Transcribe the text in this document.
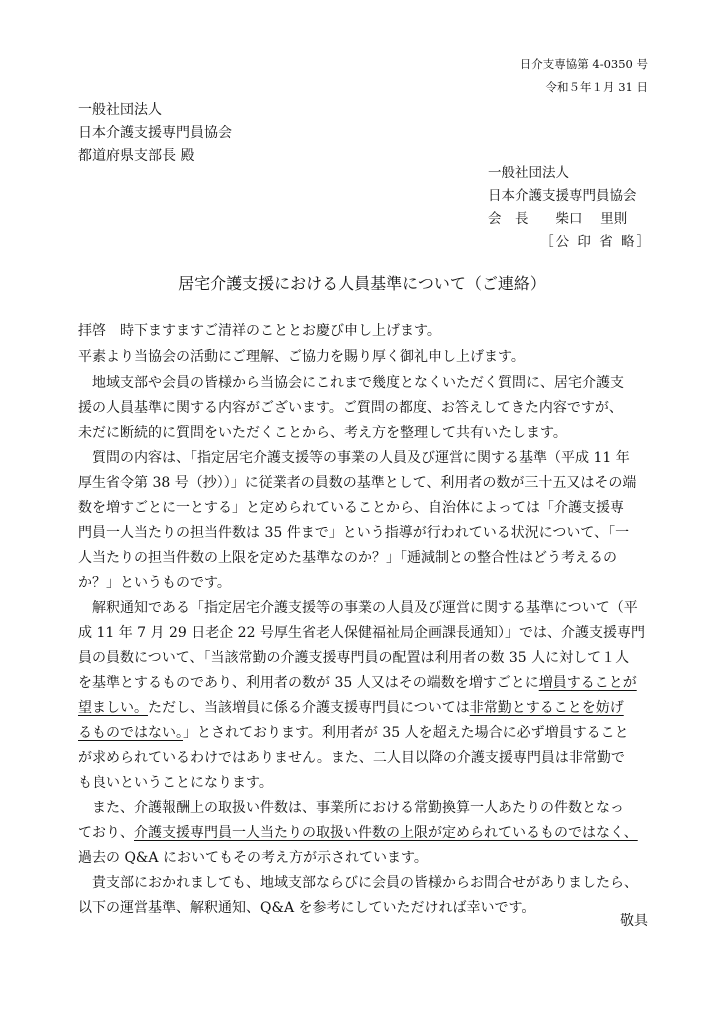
日介支専協第 4-0350 号
令和５年１月 31 日
一般社団法人
日本介護支援専門員協会
都道府県支部長 殿
一般社団法人
日本介護支援専門員協会
会　長　　柴口　 里則
［公 印 省 略］
居宅介護支援における人員基準について（ご連絡）
拝啓　時下ますますご清祥のこととお慶び申し上げます。
平素より当協会の活動にご理解、ご協力を賜り厚く御礼申し上げます。
　地域支部や会員の皆様から当協会にこれまで幾度となくいただく質問に、居宅介護支
援の人員基準に関する内容がございます。ご質問の都度、お答えしてきた内容ですが、
未だに断続的に質問をいただくことから、考え方を整理して共有いたします。
　質問の内容は、「指定居宅介護支援等の事業の人員及び運営に関する基準（平成 11 年
厚生省令第 38 号（抄））」に従業者の員数の基準として、利用者の数が三十五又はその端
数を増すごとに一とする」と定められていることから、自治体によっては「介護支援専
門員一人当たりの担当件数は 35 件まで」という指導が行われている状況について、「一
人当たりの担当件数の上限を定めた基準なのか？」「逓減制との整合性はどう考えるの
か？」というものです。
　解釈通知である「指定居宅介護支援等の事業の人員及び運営に関する基準について（平
成 11 年 7 月 29 日老企 22 号厚生省老人保健福祉局企画課長通知）」では、介護支援専門
員の員数について、「当該常勤の介護支援専門員の配置は利用者の数 35 人に対して１人
を基準とするものであり、利用者の数が 35 人又はその端数を増すごとに増員することが
望ましい。ただし、当該増員に係る介護支援専門員については非常勤とすることを妨げ
るものではない。」とされております。利用者が 35 人を超えた場合に必ず増員すること
が求められているわけではありません。また、二人目以降の介護支援専門員は非常勤で
も良いということになります。
　また、介護報酬上の取扱い件数は、事業所における常勤換算一人あたりの件数となっ
ており、介護支援専門員一人当たりの取扱い件数の上限が定められているものではなく、
過去の Q&A においてもその考え方が示されています。
　貴支部におかれましても、地域支部ならびに会員の皆様からお問合せがありましたら、
以下の運営基準、解釈通知、Q&A を参考にしていただければ幸いです。
敬具
